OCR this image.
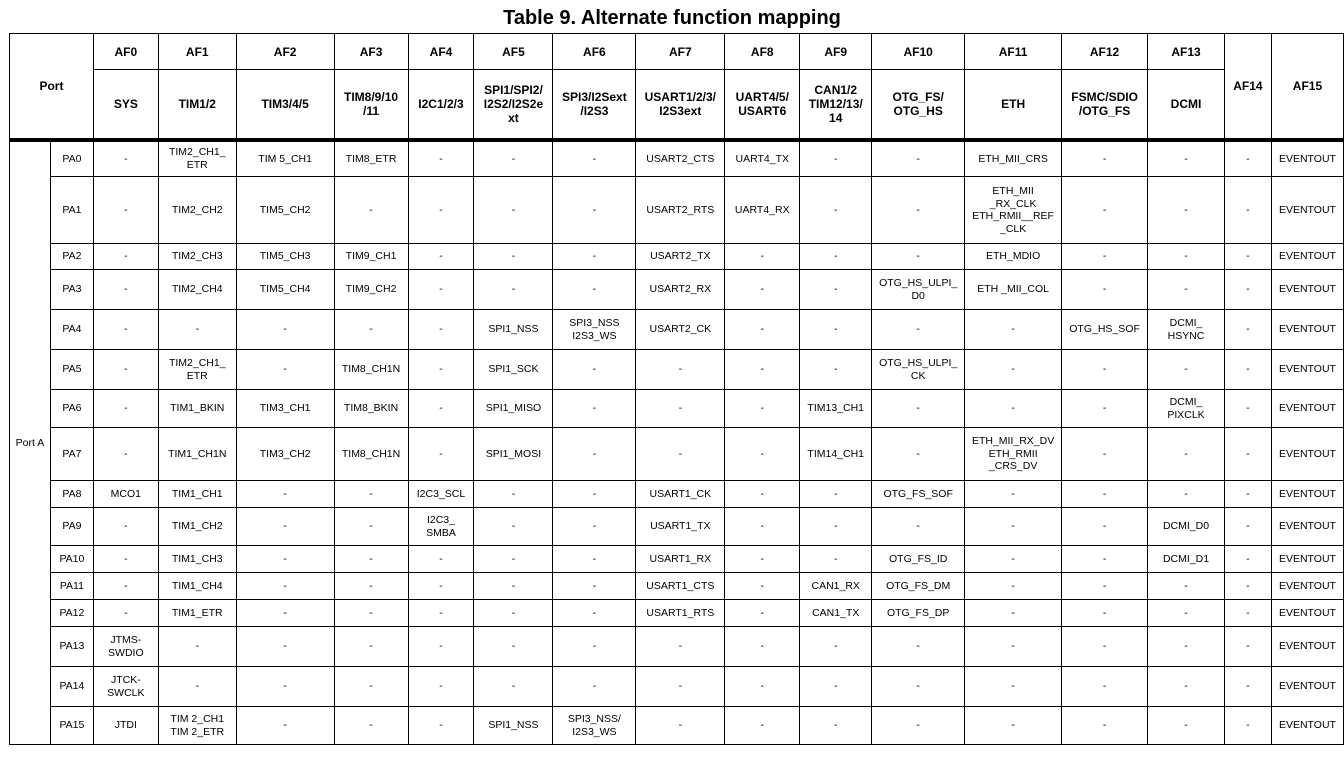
Table 9. Alternate function mapping
Port		AF0	AF1	AF2	AF3	AF4	AF5	AF6	AF7	AF8	AF9	AF10	AF11	AF12	AF13	AF14	AF15
		SYS	TIM1/2	TIM3/4/5	TIM8/9/10
/11	I2C1/2/3	SPI1/SPI2/
I2S2/I2S2e
xt	SPI3/I2Sext
/I2S3	USART1/2/3/
I2S3ext	UART4/5/
USART6	CAN1/2
TIM12/13/
14	OTG_FS/
OTG_HS	ETH	FSMC/SDIO
/OTG_FS	DCMI		
Port A	PA0	-	TIM2_CH1_
ETR	TIM 5_CH1	TIM8_ETR	-	-	-	USART2_CTS	UART4_TX	-	-	ETH_MII_CRS	-	-	-	EVENTOUT
	PA1	-	TIM2_CH2	TIM5_CH2	-	-	-	-	USART2_RTS	UART4_RX	-	-	ETH_MII
_RX_CLK
ETH_RMII__REF
_CLK	-	-	-	EVENTOUT
	PA2	-	TIM2_CH3	TIM5_CH3	TIM9_CH1	-	-	-	USART2_TX	-	-	-	ETH_MDIO	-	-	-	EVENTOUT
	PA3	-	TIM2_CH4	TIM5_CH4	TIM9_CH2	-	-	-	USART2_RX	-	-	OTG_HS_ULPI_
D0	ETH _MII_COL	-	-	-	EVENTOUT
	PA4	-	-	-	-	-	SPI1_NSS	SPI3_NSS
I2S3_WS	USART2_CK	-	-	-	-	OTG_HS_SOF	DCMI_
HSYNC	-	EVENTOUT
	PA5	-	TIM2_CH1_
ETR	-	TIM8_CH1N	-	SPI1_SCK	-	-	-	-	OTG_HS_ULPI_
CK	-	-	-	-	EVENTOUT
	PA6	-	TIM1_BKIN	TIM3_CH1	TIM8_BKIN	-	SPI1_MISO	-	-	-	TIM13_CH1	-	-	-	DCMI_
PIXCLK	-	EVENTOUT
	PA7	-	TIM1_CH1N	TIM3_CH2	TIM8_CH1N	-	SPI1_MOSI	-	-	-	TIM14_CH1	-	ETH_MII_RX_DV
ETH_RMII
_CRS_DV	-	-	-	EVENTOUT
	PA8	MCO1	TIM1_CH1	-	-	I2C3_SCL	-	-	USART1_CK	-	-	OTG_FS_SOF	-	-	-	-	EVENTOUT
	PA9	-	TIM1_CH2	-	-	I2C3_
SMBA	-	-	USART1_TX	-	-	-	-	-	DCMI_D0	-	EVENTOUT
	PA10	-	TIM1_CH3	-	-	-	-	-	USART1_RX	-	-	OTG_FS_ID	-	-	DCMI_D1	-	EVENTOUT
	PA11	-	TIM1_CH4	-	-	-	-	-	USART1_CTS	-	CAN1_RX	OTG_FS_DM	-	-	-	-	EVENTOUT
	PA12	-	TIM1_ETR	-	-	-	-	-	USART1_RTS	-	CAN1_TX	OTG_FS_DP	-	-	-	-	EVENTOUT
	PA13	JTMS-
SWDIO	-	-	-	-	-	-	-	-	-	-	-	-	-	-	EVENTOUT
	PA14	JTCK-
SWCLK	-	-	-	-	-	-	-	-	-	-	-	-	-	-	EVENTOUT
	PA15	JTDI	TIM 2_CH1
TIM 2_ETR	-	-	-	SPI1_NSS	SPI3_NSS/
I2S3_WS	-	-	-	-	-	-	-	-	EVENTOUT
